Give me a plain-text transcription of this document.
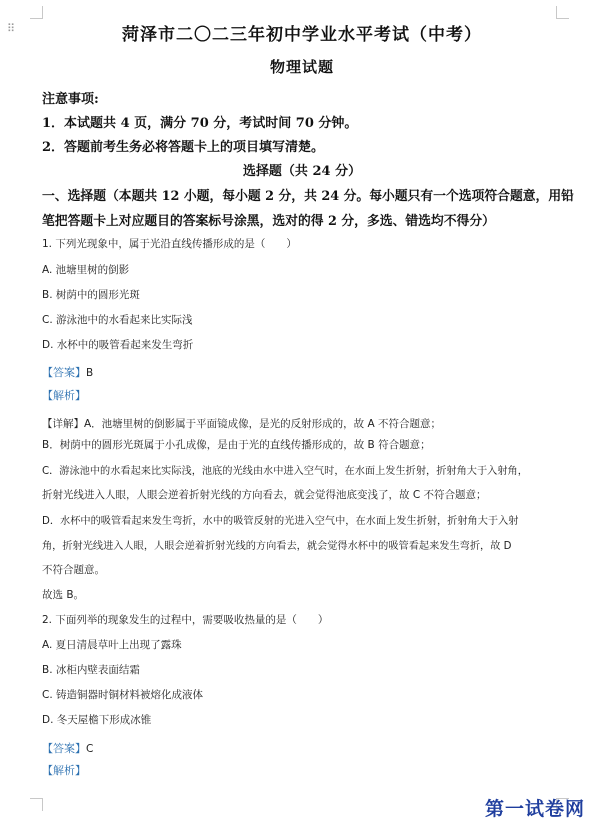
⠿	菏泽市二〇二三年初中学业水平考试（中考）
物理试题
注意事项:
1．本试题共 4 页，满分 70 分，考试时间 70 分钟。
2．答题前考生务必将答题卡上的项目填写清楚。
选择题（共 24 分）
一、选择题（本题共 12 小题，每小题 2 分，共 24 分。每小题只有一个选项符合题意，用铅
笔把答题卡上对应题目的答案标号涂黑，选对的得 2 分，多选、错选均不得分）
1. 下列光现象中，属于光沿直线传播形成的是（　　）
A. 池塘里树的倒影
B. 树荫中的圆形光斑
C. 游泳池中的水看起来比实际浅
D. 水杯中的吸管看起来发生弯折
【答案】B
【解析】
【详解】A．池塘里树的倒影属于平面镜成像，是光的反射形成的，故 A 不符合题意；
B．树荫中的圆形光斑属于小孔成像，是由于光的直线传播形成的，故 B 符合题意；
C．游泳池中的水看起来比实际浅，池底的光线由水中进入空气时，在水面上发生折射，折射角大于入射角，
折射光线进入人眼，人眼会逆着折射光线的方向看去，就会觉得池底变浅了，故 C 不符合题意；
D．水杯中的吸管看起来发生弯折，水中的吸管反射的光进入空气中，在水面上发生折射，折射角大于入射
角，折射光线进入人眼，人眼会逆着折射光线的方向看去，就会觉得水杯中的吸管看起来发生弯折，故 D
不符合题意。
故选 B。
2. 下面列举的现象发生的过程中，需要吸收热量的是（　　）
A. 夏日清晨草叶上出现了露珠
B. 冰柜内壁表面结霜
C. 铸造铜器时铜材料被熔化成液体
D. 冬天屋檐下形成冰锥
【答案】C
【解析】
第一试卷网
